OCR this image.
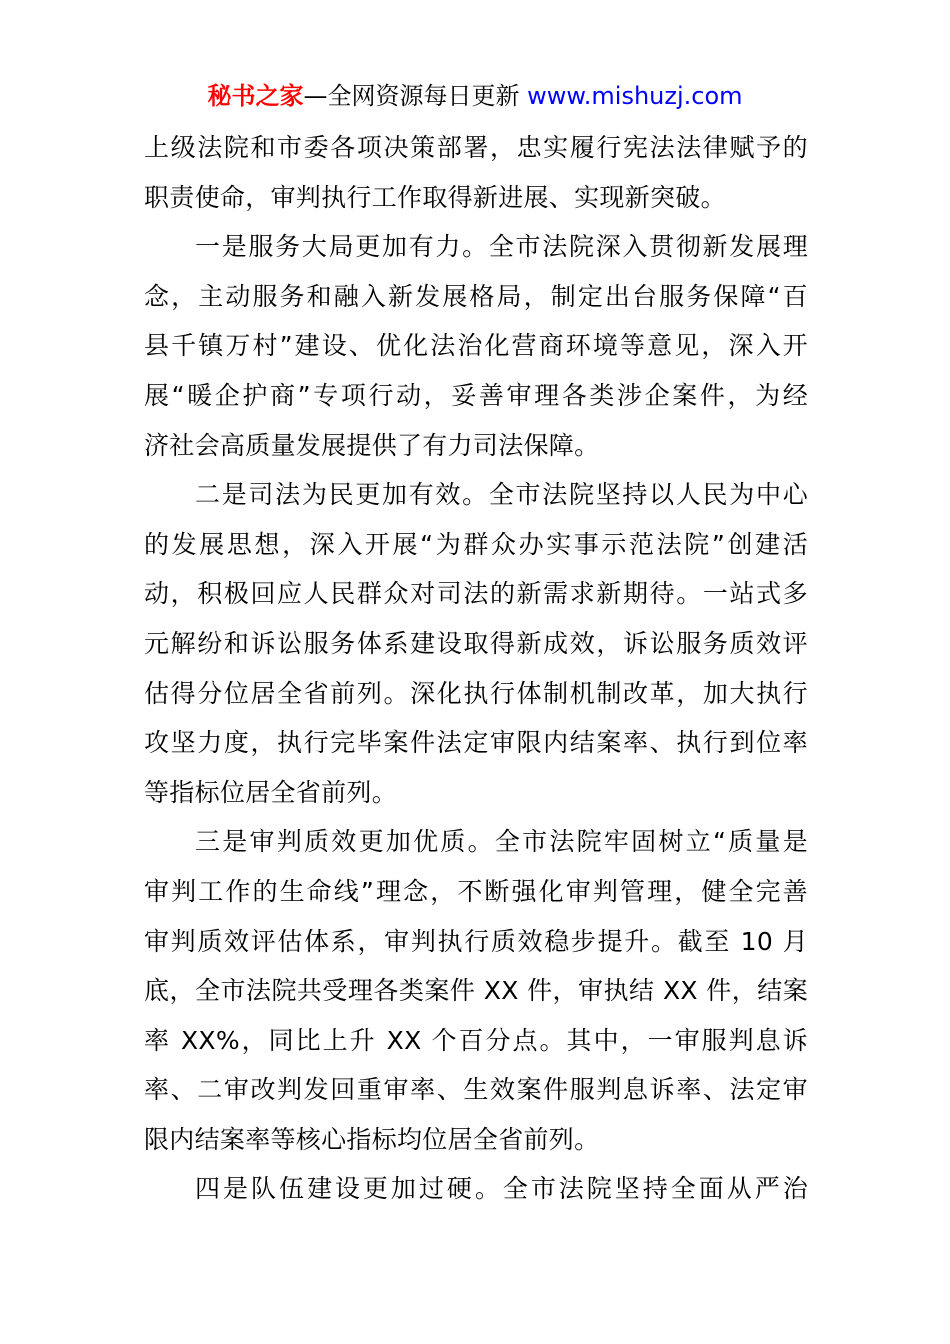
秘书之家—全网资源每日更新 www.mishuzj.com

上级法院和市委各项决策部署，忠实履行宪法法律赋予的
职责使命，审判执行工作取得新进展、实现新突破。

一是服务大局更加有力。全市法院深入贯彻新发展理
念，主动服务和融入新发展格局，制定出台服务保障“百
县千镇万村”建设、优化法治化营商环境等意见，深入开
展“暖企护商”专项行动，妥善审理各类涉企案件，为经
济社会高质量发展提供了有力司法保障。

二是司法为民更加有效。全市法院坚持以人民为中心
的发展思想，深入开展“为群众办实事示范法院”创建活
动，积极回应人民群众对司法的新需求新期待。一站式多
元解纷和诉讼服务体系建设取得新成效，诉讼服务质效评
估得分位居全省前列。深化执行体制机制改革，加大执行
攻坚力度，执行完毕案件法定审限内结案率、执行到位率
等指标位居全省前列。

三是审判质效更加优质。全市法院牢固树立“质量是
审判工作的生命线”理念，不断强化审判管理，健全完善
审判质效评估体系，审判执行质效稳步提升。截至 10 月
底，全市法院共受理各类案件 XX 件，审执结 XX 件，结案
率 XX%，同比上升 XX 个百分点。其中，一审服判息诉
率、二审改判发回重审率、生效案件服判息诉率、法定审
限内结案率等核心指标均位居全省前列。

四是队伍建设更加过硬。全市法院坚持全面从严治
